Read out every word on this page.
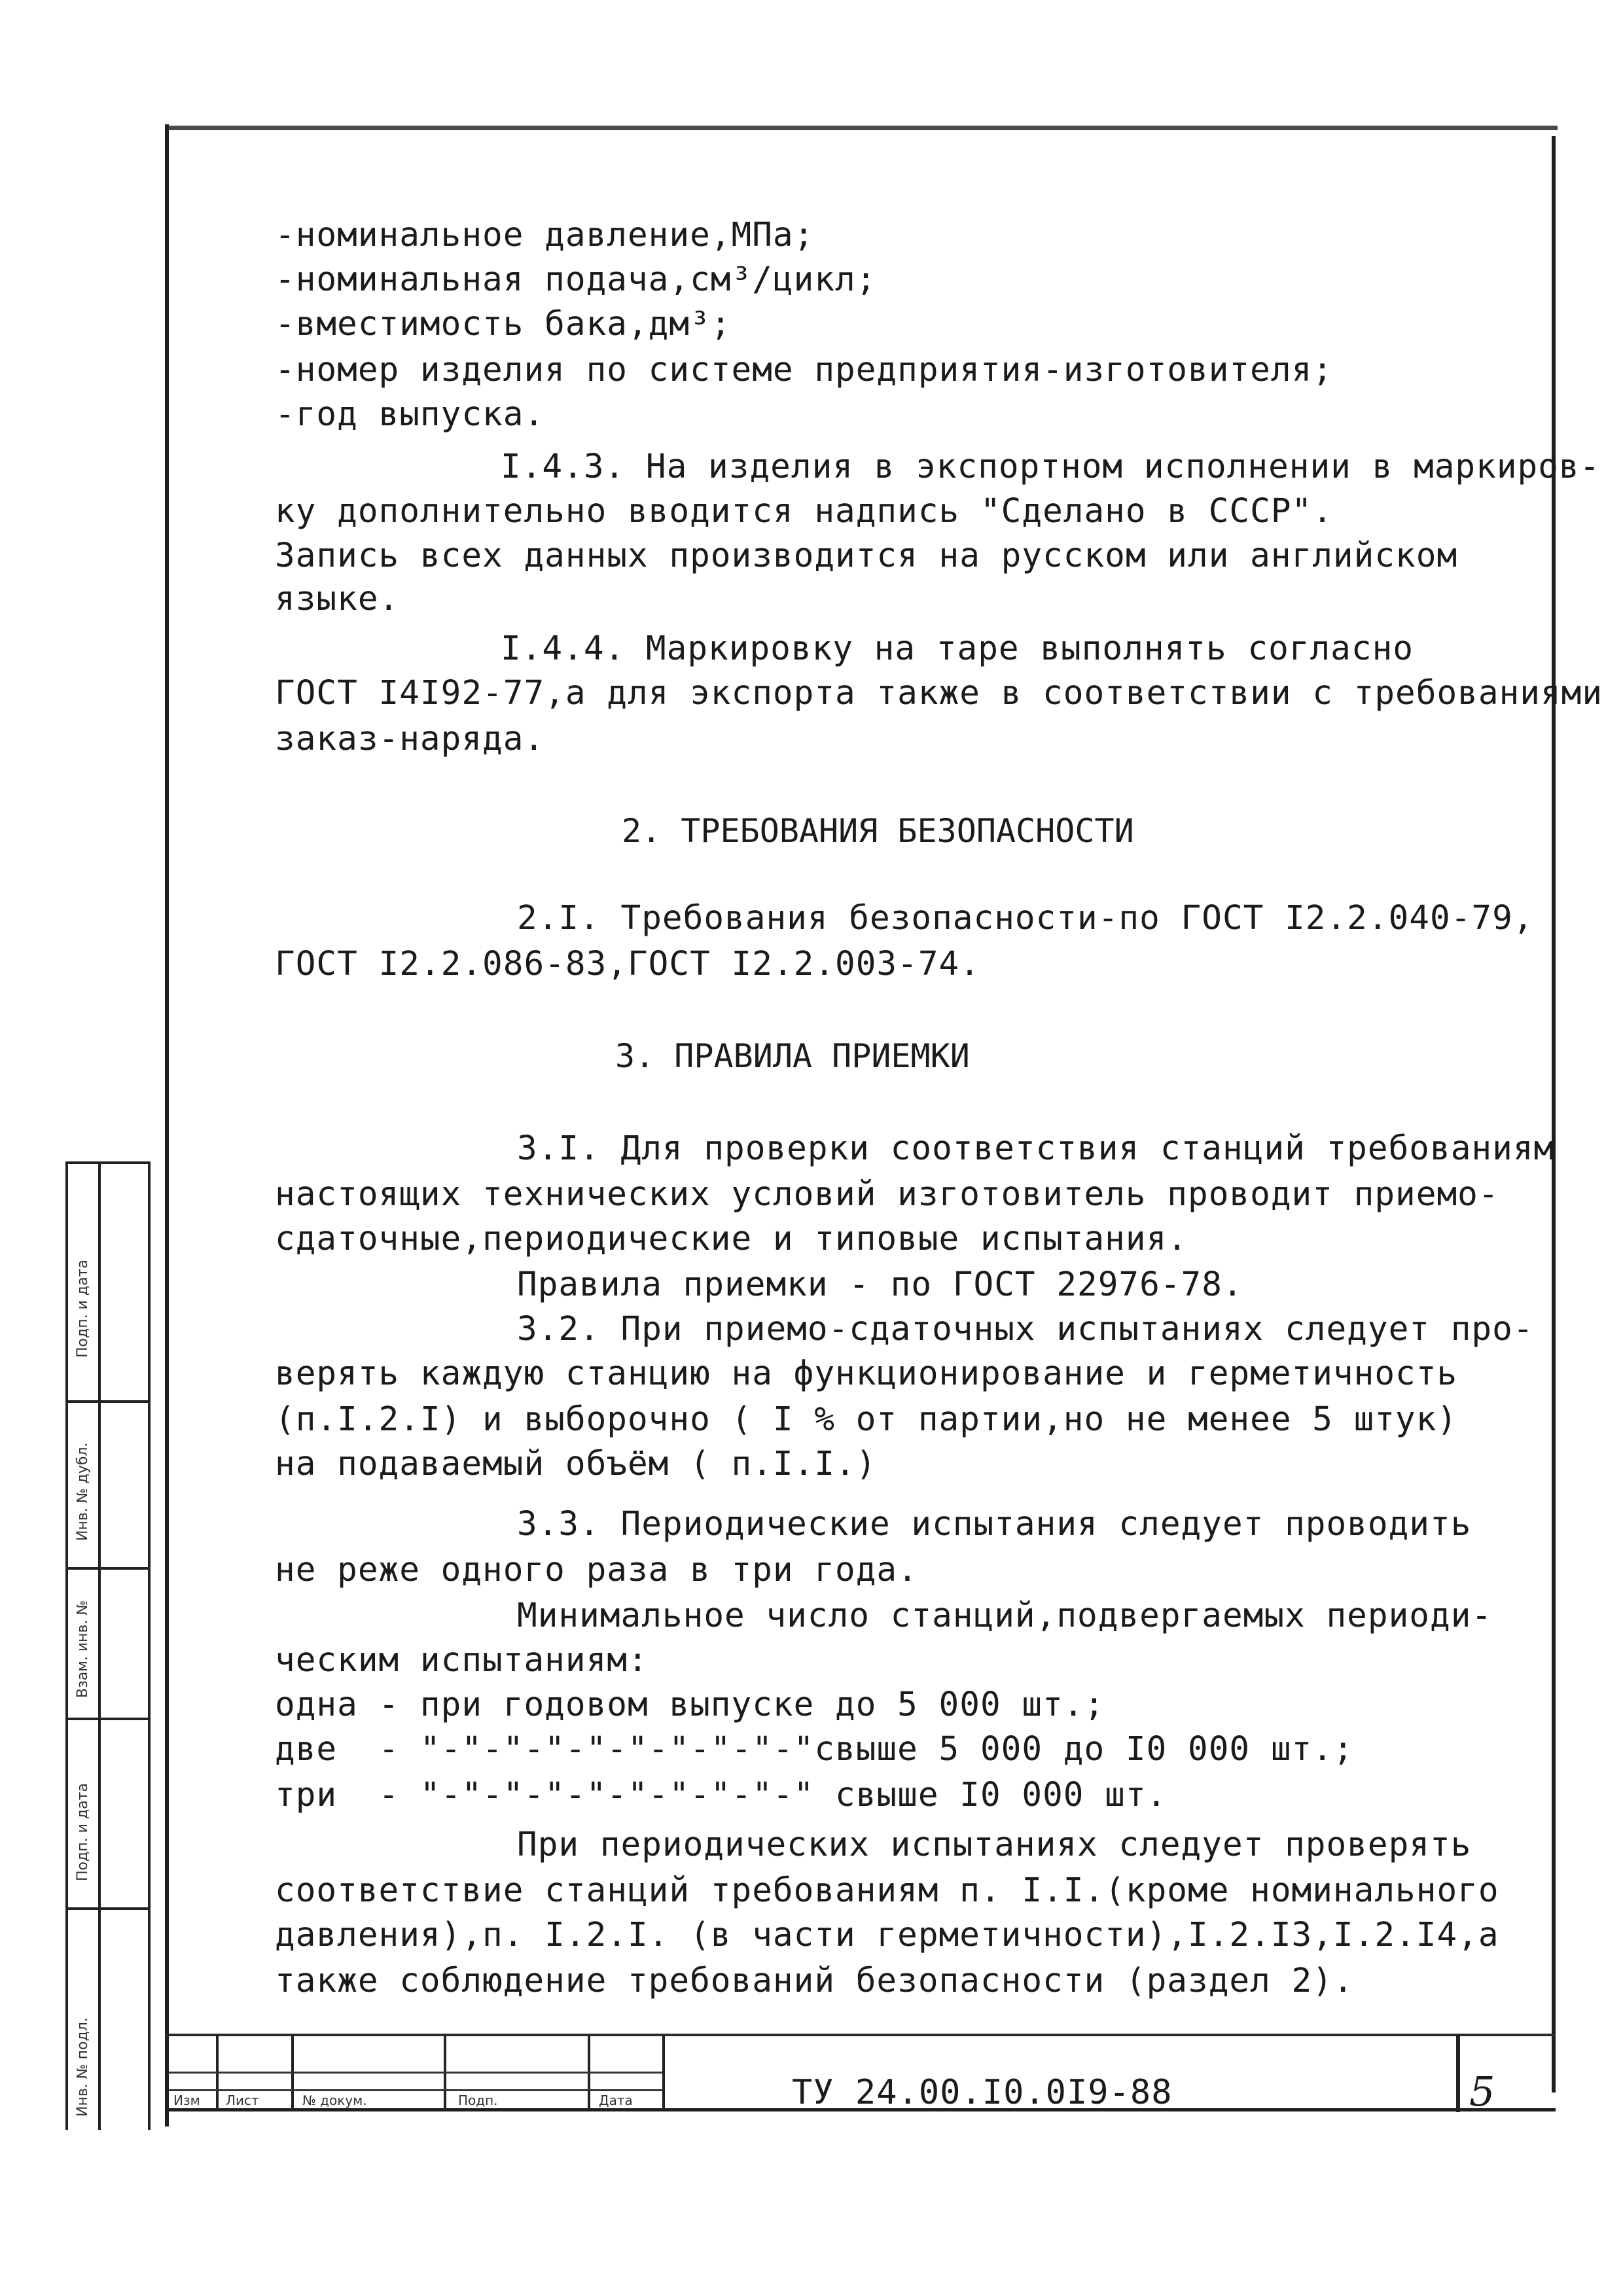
-номинальное давление,МПа;
-номинальная подача,см³/цикл;
-вместимость бака,дм³;
-номер изделия по системе предприятия-изготовителя;
-год выпуска.
I.4.3. На изделия в экспортном исполнении в маркиров-
ку дополнительно вводится надпись "Сделано в СССР".
Запись всех данных производится на русском или английском
языке.
I.4.4. Маркировку на таре выполнять согласно
ГОСТ I4I92-77,а для экспорта также в соответствии с требованиями
заказ-наряда.
2. ТРЕБОВАНИЯ БЕЗОПАСНОСТИ
2.I. Требования безопасности-по ГОСТ I2.2.040-79,
ГОСТ I2.2.086-83,ГОСТ I2.2.003-74.
3. ПРАВИЛА ПРИЕМКИ
3.I. Для проверки соответствия станций требованиям
настоящих технических условий изготовитель проводит приемо-
сдаточные,периодические и типовые испытания.
Правила приемки - по ГОСТ 22976-78.
3.2. При приемо-сдаточных испытаниях следует про-
верять каждую станцию на функционирование и герметичность
(п.I.2.I) и выборочно ( I % от партии,но не менее 5 штук)
на подаваемый объём ( п.I.I.)
3.3. Периодические испытания следует проводить
не реже одного раза в три года.
Минимальное число станций,подвергаемых периоди-
ческим испытаниям:
одна - при годовом выпуске до 5 000 шт.;
две  - "-"-"-"-"-"-"-"-"-"свыше 5 000 до I0 000 шт.;
три  - "-"-"-"-"-"-"-"-"-" свыше I0 000 шт.
При периодических испытаниях следует проверять
соответствие станций требованиям п. I.I.(кроме номинального
давления),п. I.2.I. (в части герметичности),I.2.I3,I.2.I4,а
также соблюдение требований безопасности (раздел 2).
Подп. и дата
Инв. № дубл.
Взам. инв. №
Подп. и дата
Инв. № подл.	Изм Лист	№ докум.	Подп.	Дата	ТУ 24.00.I0.0I9-88	5
